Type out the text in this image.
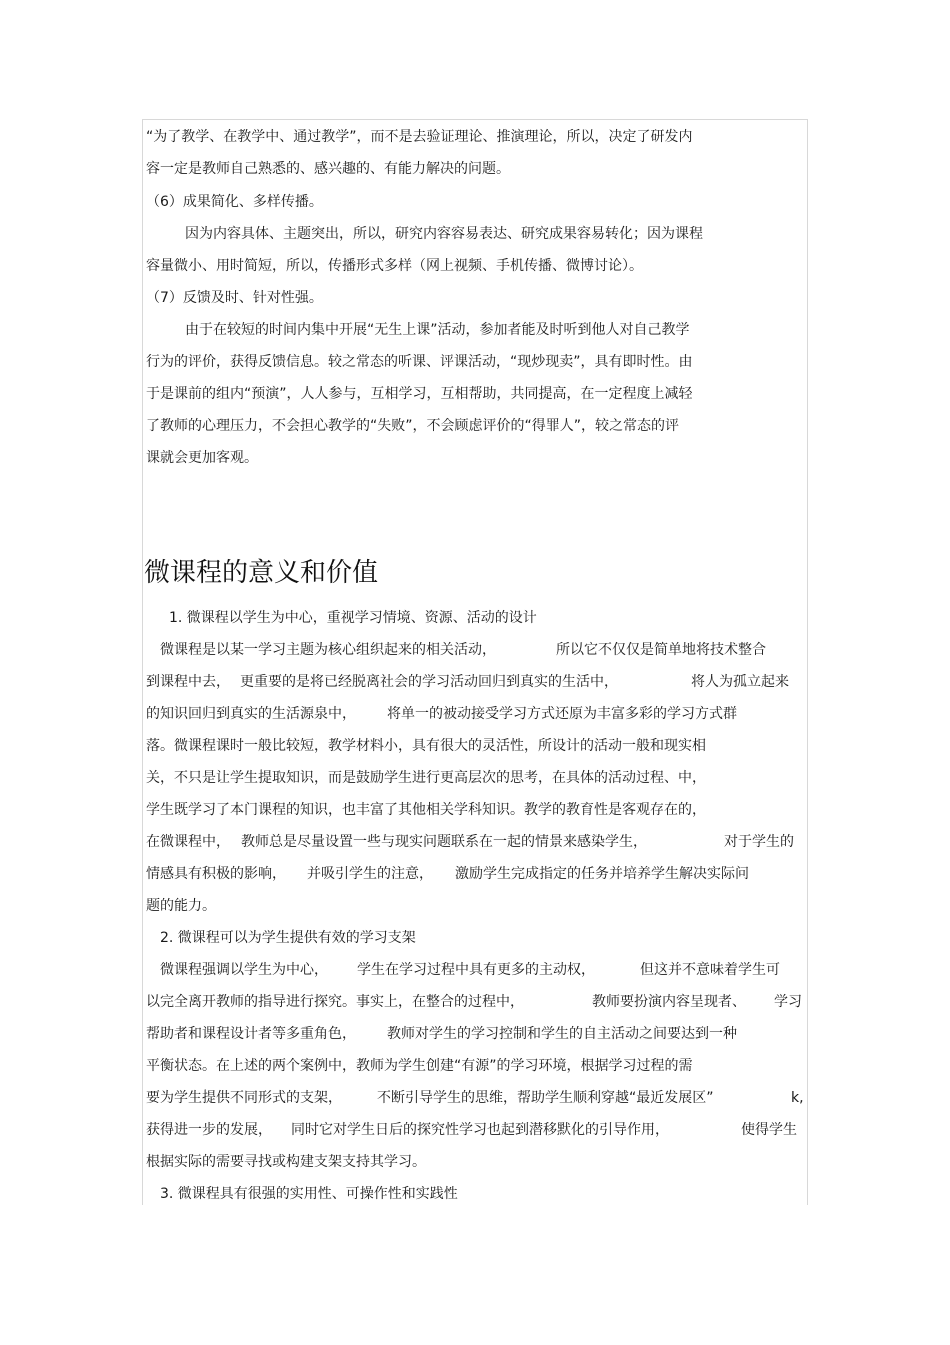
“为了教学、在教学中、通过教学”，而不是去验证理论、推演理论，所以，决定了研发内
容一定是教师自己熟悉的、感兴趣的、有能力解决的问题。
（6）成果简化、多样传播。
因为内容具体、主题突出，所以，研究内容容易表达、研究成果容易转化；因为课程
容量微小、用时简短，所以，传播形式多样（网上视频、手机传播、微博讨论）。
（7）反馈及时、针对性强。
由于在较短的时间内集中开展“无生上课”活动，参加者能及时听到他人对自己教学
行为的评价，获得反馈信息。较之常态的听课、评课活动，“现炒现卖”，具有即时性。由
于是课前的组内“预演”，人人参与，互相学习，互相帮助，共同提高，在一定程度上减轻
了教师的心理压力，不会担心教学的“失败”，不会顾虑评价的“得罪人”，较之常态的评
课就会更加客观。
微课程的意义和价值
1. 微课程以学生为中心，重视学习情境、资源、活动的设计
微课程是以某一学习主题为核心组织起来的相关活动，	所以它不仅仅是简单地将技术整合
到课程中去， 更重要的是将已经脱离社会的学习活动回归到真实的生活中，	将人为孤立起来
的知识回归到真实的生活源泉中， 将单一的被动接受学习方式还原为丰富多彩的学习方式群
落。微课程课时一般比较短，教学材料小，具有很大的灵活性，所设计的活动一般和现实相
关，不只是让学生提取知识，而是鼓励学生进行更高层次的思考，在具体的活动过程、中，
学生既学习了本门课程的知识，也丰富了其他相关学科知识。教学的教育性是客观存在的，
在微课程中， 教师总是尽量设置一些与现实问题联系在一起的情景来感染学生，	对于学生的
情感具有积极的影响， 并吸引学生的注意， 激励学生完成指定的任务并培养学生解决实际问
题的能力。
2. 微课程可以为学生提供有效的学习支架
微课程强调以学生为中心， 学生在学习过程中具有更多的主动权，	但这并不意味着学生可
以完全离开教师的指导进行探究。事实上，在整合的过程中，	教师要扮演内容呈现者、 学习
帮助者和课程设计者等多重角色， 教师对学生的学习控制和学生的自主活动之间要达到一种
平衡状态。在上述的两个案例中，教师为学生创建“有源”的学习环境，根据学习过程的需
要为学生提供不同形式的支架，	不断引导学生的思维，帮助学生顺利穿越“最近发展区”	k,
获得进一步的发展， 同时它对学生日后的探究性学习也起到潜移默化的引导作用，	使得学生
根据实际的需要寻找或构建支架支持其学习。
3. 微课程具有很强的实用性、可操作性和实践性
